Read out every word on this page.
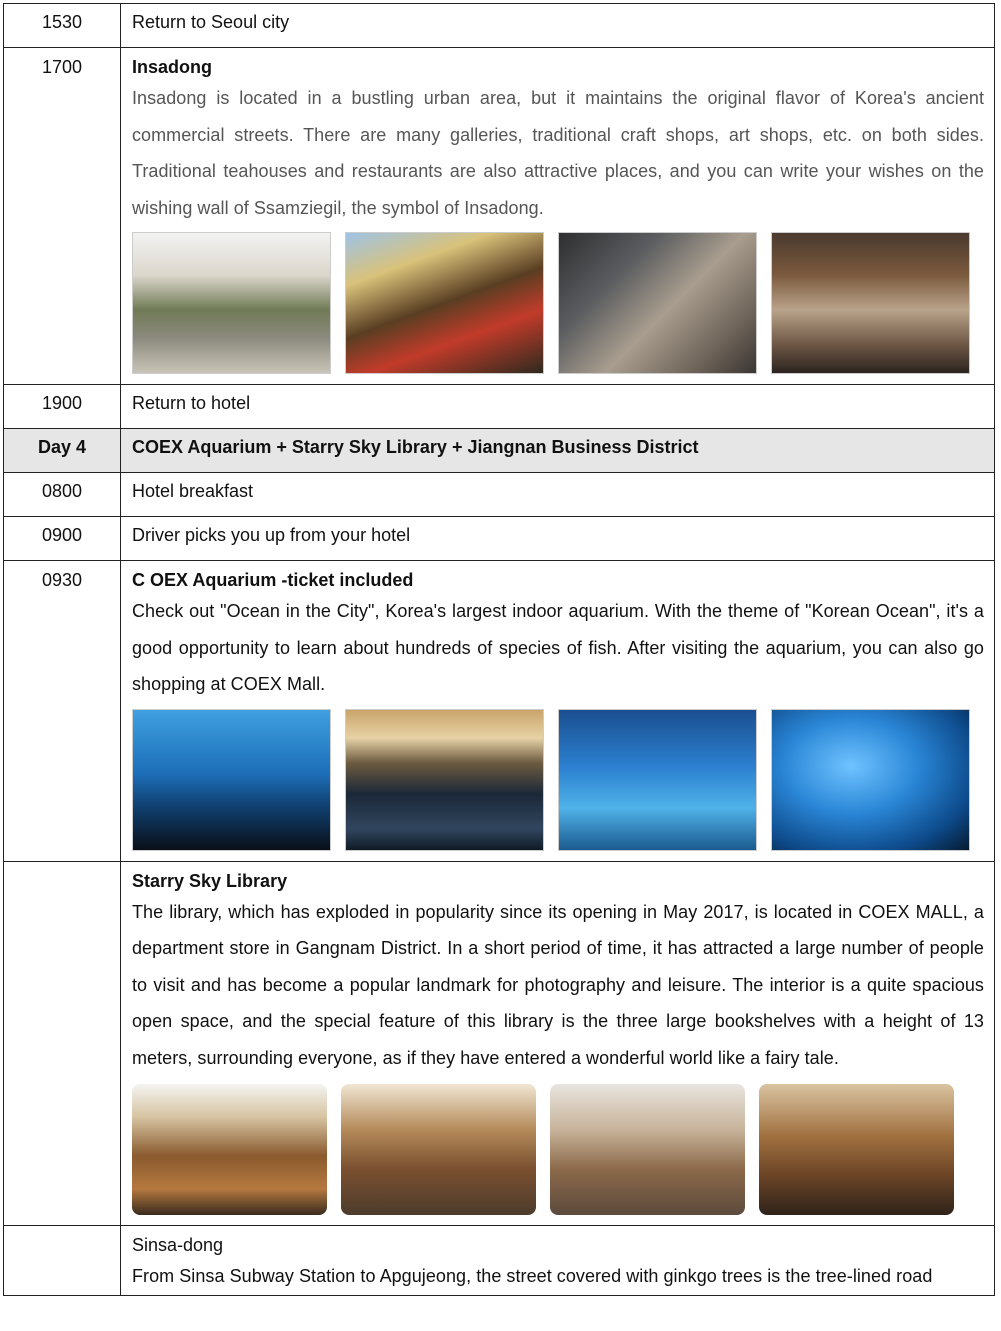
1530	Return to Seoul city
1700	Insadong
Insadong is located in a bustling urban area, but it maintains the original flavor of Korea's ancient commercial streets. There are many galleries, traditional craft shops, art shops, etc. on both sides. Traditional teahouses and restaurants are also attractive places, and you can write your wishes on the wishing wall of Ssamziegil, the symbol of Insadong.

1900	Return to hotel
Day 4	COEX Aquarium + Starry Sky Library + Jiangnan Business District
0800	Hotel breakfast
0900	Driver picks you up from your hotel
0930	C OEX Aquarium -ticket included
Check out "Ocean in the City", Korea's largest indoor aquarium. With the theme of "Korean Ocean", it's a good opportunity to learn about hundreds of species of fish. After visiting the aquarium, you can also go shopping at COEX Mall.

	Starry Sky Library
The library, which has exploded in popularity since its opening in May 2017, is located in COEX MALL, a department store in Gangnam District. In a short period of time, it has attracted a large number of people to visit and has become a popular landmark for photography and leisure. The interior is a quite spacious open space, and the special feature of this library is the three large bookshelves with a height of 13 meters, surrounding everyone, as if they have entered a wonderful world like a fairy tale.

	Sinsa-dong
From Sinsa Subway Station to Apgujeong, the street covered with ginkgo trees is the tree-lined road
